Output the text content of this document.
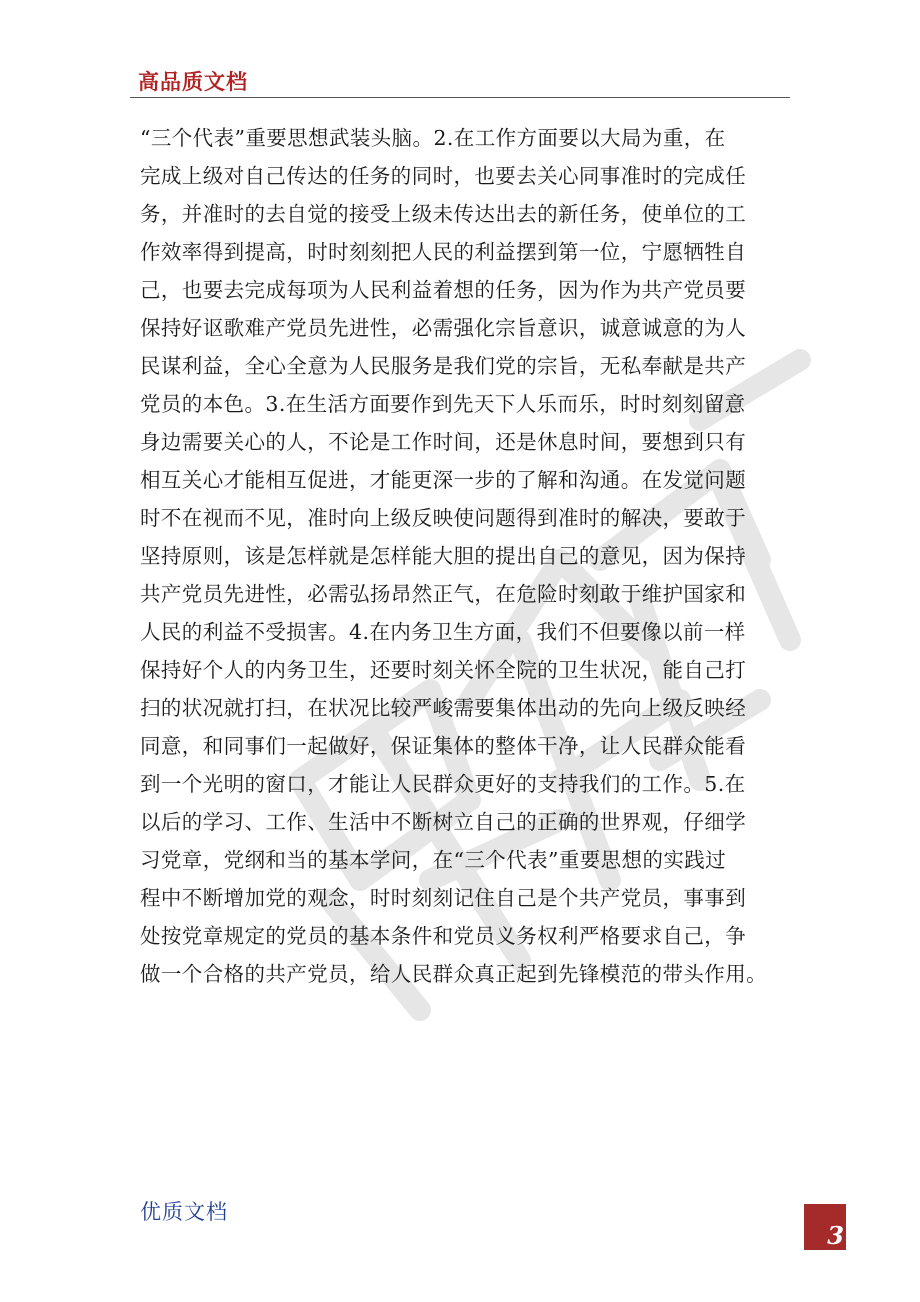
高品质文档
“三个代表”重要思想武装头脑。2.在工作方面要以大局为重，在
完成上级对自己传达的任务的同时，也要去关心同事准时的完成任
务，并准时的去自觉的接受上级未传达出去的新任务，使单位的工
作效率得到提高，时时刻刻把人民的利益摆到第一位，宁愿牺牲自
己，也要去完成每项为人民利益着想的任务，因为作为共产党员要
保持好讴歌难产党员先进性，必需强化宗旨意识，诚意诚意的为人
民谋利益，全心全意为人民服务是我们党的宗旨，无私奉献是共产
党员的本色。3.在生活方面要作到先天下人乐而乐，时时刻刻留意
身边需要关心的人，不论是工作时间，还是休息时间，要想到只有
相互关心才能相互促进，才能更深一步的了解和沟通。在发觉问题
时不在视而不见，准时向上级反映使问题得到准时的解决，要敢于
坚持原则，该是怎样就是怎样能大胆的提出自己的意见，因为保持
共产党员先进性，必需弘扬昂然正气，在危险时刻敢于维护国家和
人民的利益不受损害。4.在内务卫生方面，我们不但要像以前一样
保持好个人的内务卫生，还要时刻关怀全院的卫生状况，能自己打
扫的状况就打扫，在状况比较严峻需要集体出动的先向上级反映经
同意，和同事们一起做好，保证集体的整体干净，让人民群众能看
到一个光明的窗口，才能让人民群众更好的支持我们的工作。5.在
以后的学习、工作、生活中不断树立自己的正确的世界观，仔细学
习党章，党纲和当的基本学问，在“三个代表”重要思想的实践过
程中不断增加党的观念，时时刻刻记住自己是个共产党员，事事到
处按党章规定的党员的基本条件和党员义务权利严格要求自己，争
做一个合格的共产党员，给人民群众真正起到先锋模范的带头作用。
优质文档
3
